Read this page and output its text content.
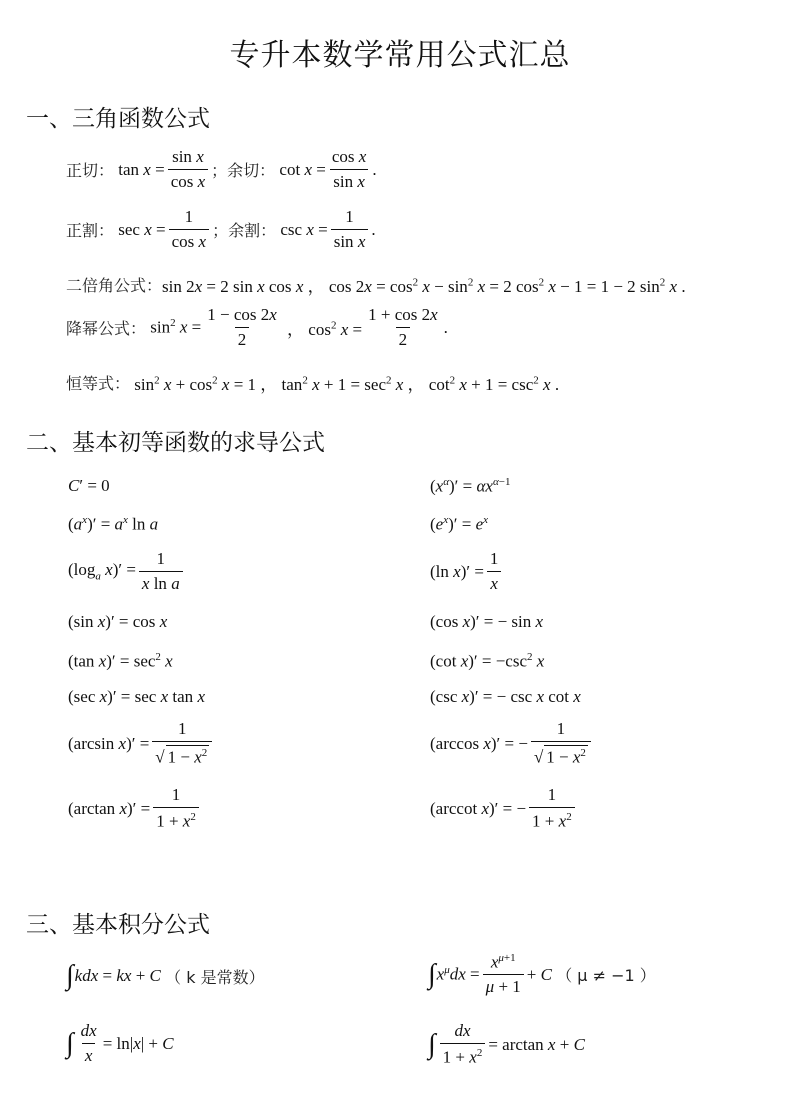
专升本数学常用公式汇总
一、三角函数公式
正切：
$\tan x = \frac{\text{sin x}}{\text{cos x}}$ ；余切：
$\cot x = \frac{\text{cos x}}{\text{sin x}}$ .
正割：
$\sec x = \frac{1}{\text{cos x}}$ ；余割：
$\csc x = \frac{1}{\text{sin x}}$ .
二倍角公式： sin 2x = 2 sin x cos x ， $\cos 2x = \cos^2 x - \sin^2 x = 2$ $\cos^2 x - 1 = 1 - 2$ $\sin^2 x$ .
降幂公式：
$\sin^2 x = \frac{1 - \cos 2x}{2}$ ， $\cos^2 x = \frac{1 + \cos 2x}{2}$ .
恒等式：
$\sin^2 x + \cos^2 x = 1$ ， $\tan^2 x + 1 = \sec^2 x$ ， $\cot^2 x + 1 = \csc^2 x$ .
二、基本初等函数的求导公式
C′ = 0
$(a^x)' = a^x$ ln a
($\log_a$ $x)' = \frac{1}{\text{x ln a}}$
(sin x)′ = cos x
(tan $x)' = \sec^2 x$
(sec x)′ = sec x tan x
(arcsin $x)' = \frac{1}{√ 1 - x^2}$
(arctan $x)' = \frac{1}{1 + x^2}$
$(x^\alpha)' = \alpha x^{\alpha-1}$
$(e^x)' = e^x$
(ln $x)' = \frac{1}{x}$
(cos x)′ = − sin x
(cot $x)' = -\csc^2$ x
(csc x)′ = − csc x cot x
(arccos x)′ = − $\frac{1}{√ 1 - x^2}$
(arccot x)′ = − $\frac{1}{1 + x^2}$
三、基本积分公式
∫ kdx = kx + C （ k 是常数）	∫ $x^\mu dx = \frac{x^{\mu+1}}{\mu + 1} + C$ （ μ ≠ −1 ）
∫ $\frac{dx}{x} = \ln|x| + C$	∫ $\frac{dx}{1 + x^2} = \arctan x + C$
